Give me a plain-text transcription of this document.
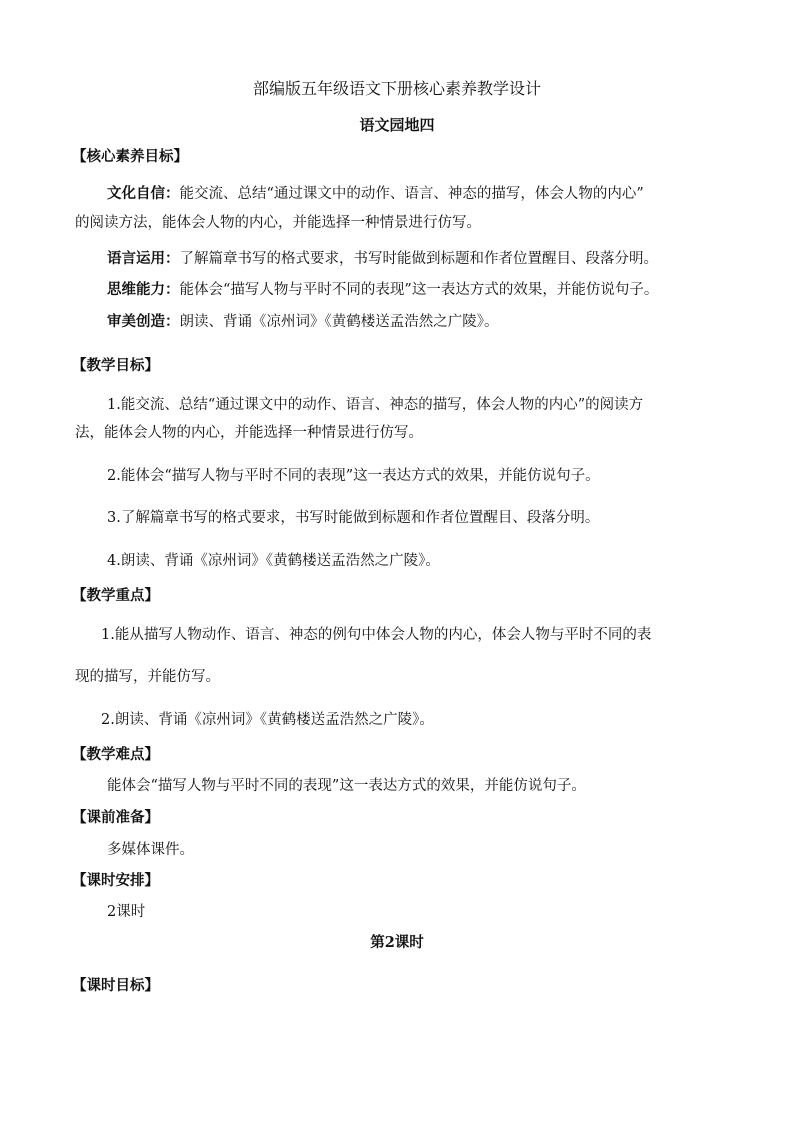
部编版五年级语文下册核心素养教学设计
语文园地四
【核心素养目标】
文化自信：能交流、总结“通过课文中的动作、语言、神态的描写，体会人物的内心”
的阅读方法，能体会人物的内心，并能选择一种情景进行仿写。
语言运用：了解篇章书写的格式要求，书写时能做到标题和作者位置醒目、段落分明。
思维能力：能体会“描写人物与平时不同的表现”这一表达方式的效果，并能仿说句子。
审美创造：朗读、背诵《凉州词》《黄鹤楼送孟浩然之广陵》。
【教学目标】
1.能交流、总结“通过课文中的动作、语言、神态的描写，体会人物的内心”的阅读方
法，能体会人物的内心，并能选择一种情景进行仿写。
2.能体会“描写人物与平时不同的表现”这一表达方式的效果，并能仿说句子。
3.了解篇章书写的格式要求，书写时能做到标题和作者位置醒目、段落分明。
4.朗读、背诵《凉州词》《黄鹤楼送孟浩然之广陵》。
【教学重点】
1.能从描写人物动作、语言、神态的例句中体会人物的内心，体会人物与平时不同的表
现的描写，并能仿写。
2.朗读、背诵《凉州词》《黄鹤楼送孟浩然之广陵》。
【教学难点】
能体会“描写人物与平时不同的表现”这一表达方式的效果，并能仿说句子。
【课前准备】
多媒体课件。
【课时安排】
2课时
第2课时
【课时目标】
